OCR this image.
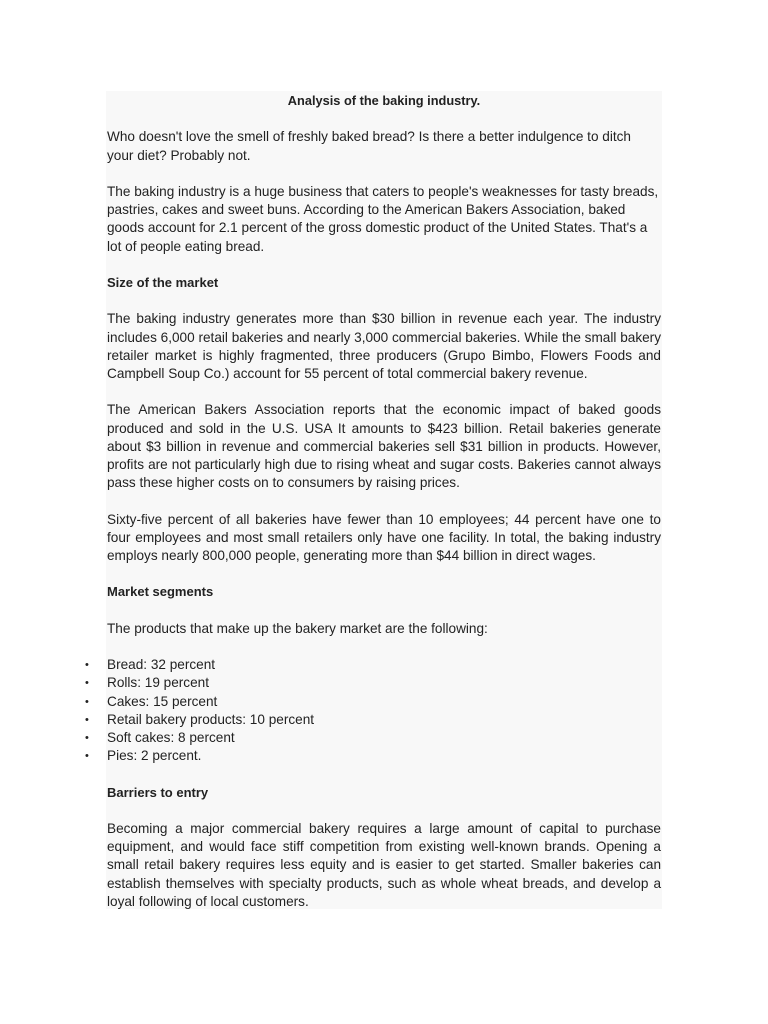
Analysis of the baking industry.

Who doesn't love the smell of freshly baked bread? Is there a better indulgence to ditch your diet? Probably not.

The baking industry is a huge business that caters to people's weaknesses for tasty breads, pastries, cakes and sweet buns. According to the American Bakers Association, baked goods account for 2.1 percent of the gross domestic product of the United States. That's a lot of people eating bread.

Size of the market

The baking industry generates more than $30 billion in revenue each year. The industry includes 6,000 retail bakeries and nearly 3,000 commercial bakeries. While the small bakery retailer market is highly fragmented, three producers (Grupo Bimbo, Flowers Foods and Campbell Soup Co.) account for 55 percent of total commercial bakery revenue.

The American Bakers Association reports that the economic impact of baked goods produced and sold in the U.S. USA It amounts to $423 billion. Retail bakeries generate about $3 billion in revenue and commercial bakeries sell $31 billion in products. However, profits are not particularly high due to rising wheat and sugar costs. Bakeries cannot always pass these higher costs on to consumers by raising prices.

Sixty-five percent of all bakeries have fewer than 10 employees; 44 percent have one to four employees and most small retailers only have one facility. In total, the baking industry employs nearly 800,000 people, generating more than $44 billion in direct wages.

Market segments

The products that make up the bakery market are the following:

• Bread: 32 percent
• Rolls: 19 percent
• Cakes: 15 percent
• Retail bakery products: 10 percent
• Soft cakes: 8 percent
• Pies: 2 percent.

Barriers to entry

Becoming a major commercial bakery requires a large amount of capital to purchase equipment, and would face stiff competition from existing well-known brands. Opening a small retail bakery requires less equity and is easier to get started. Smaller bakeries can establish themselves with specialty products, such as whole wheat breads, and develop a loyal following of local customers.
